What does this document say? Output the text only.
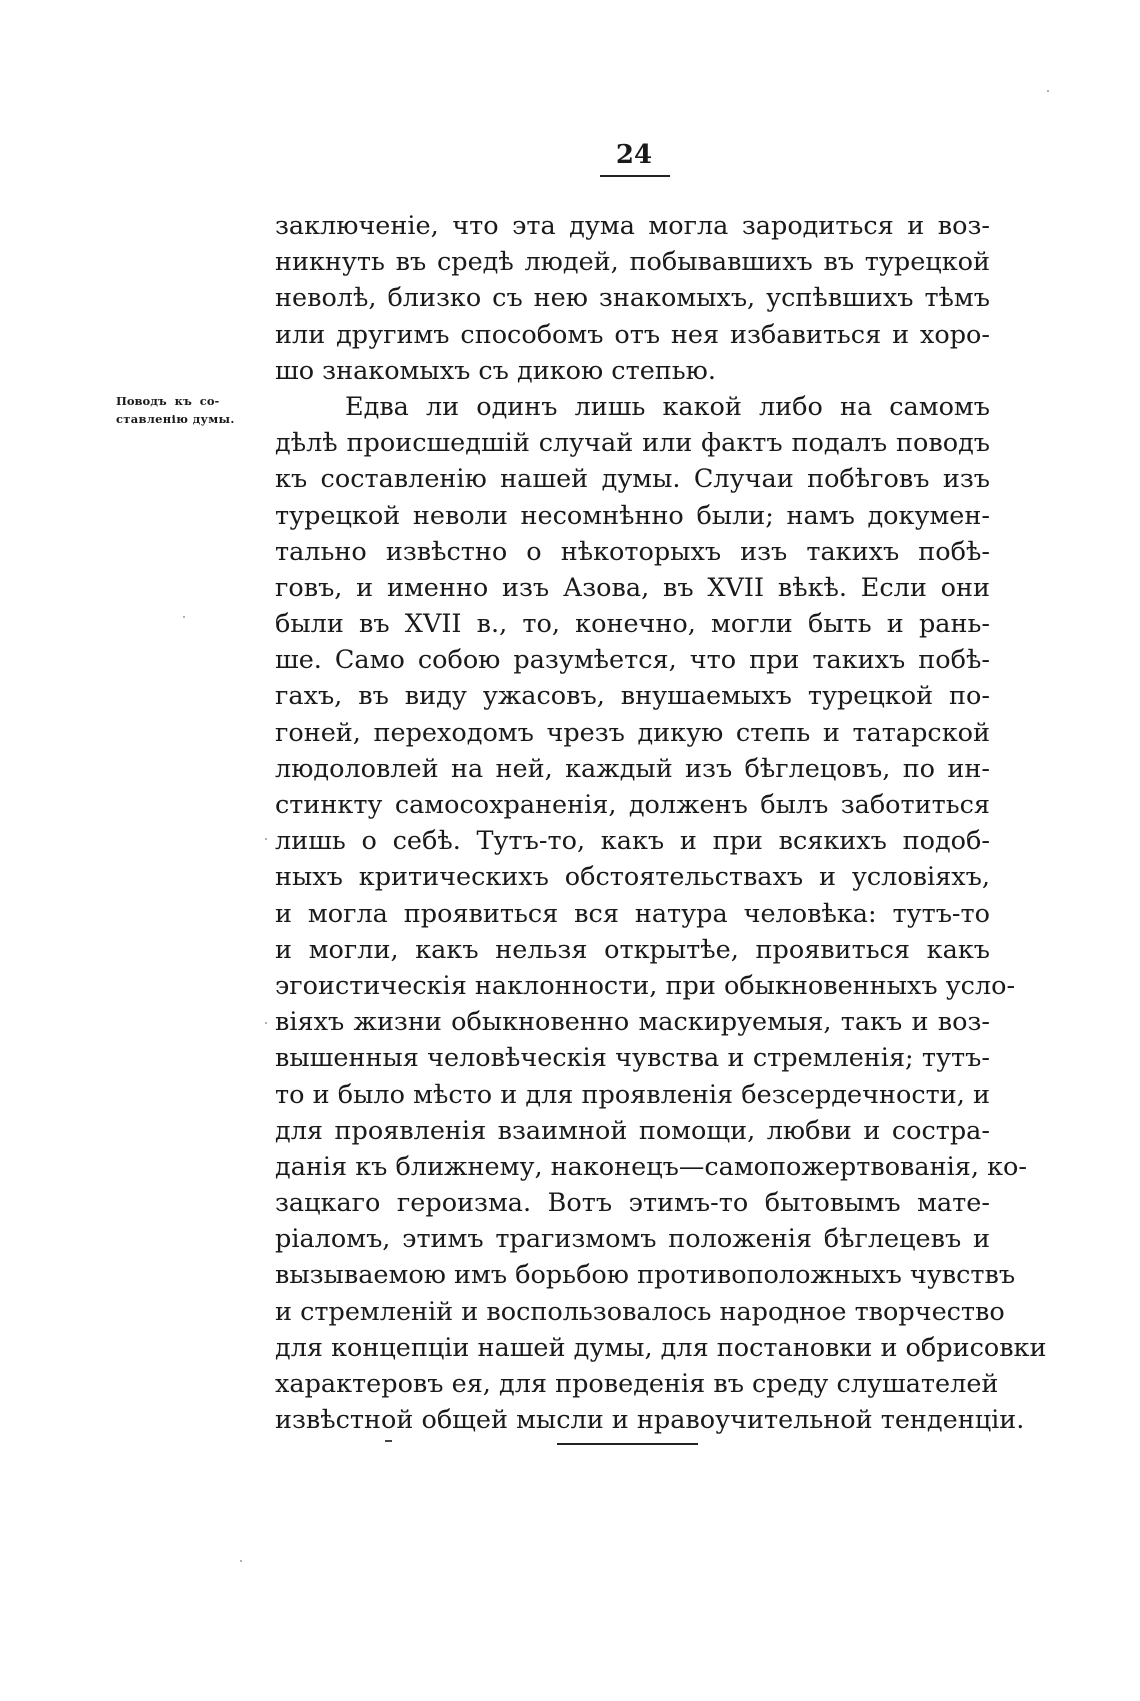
24
Поводъ къ со-
ставленію думы.
заключеніе, что эта дума могла зародиться и воз-
никнуть въ средѣ людей, побывавшихъ въ турецкой
неволѣ, близко съ нею знакомыхъ, успѣвшихъ тѣмъ
или другимъ способомъ отъ нея избавиться и хоро-
шо знакомыхъ съ дикою степью.
Едва ли одинъ лишь какой либо на самомъ
дѣлѣ происшедшій случай или фактъ подалъ поводъ
къ составленію нашей думы. Случаи побѣговъ изъ
турецкой неволи несомнѣнно были; намъ докумен-
тально извѣстно о нѣкоторыхъ изъ такихъ побѣ-
говъ, и именно изъ Азова, въ XVII вѣкѣ. Если они
были въ XVII в., то, конечно, могли быть и рань-
ше. Само собою разумѣется, что при такихъ побѣ-
гахъ, въ виду ужасовъ, внушаемыхъ турецкой по-
гоней, переходомъ чрезъ дикую степь и татарской
людоловлей на ней, каждый изъ бѣглецовъ, по ин-
стинкту самосохраненія, долженъ былъ заботиться
лишь о себѣ. Тутъ-то, какъ и при всякихъ подоб-
ныхъ критическихъ обстоятельствахъ и условіяхъ,
и могла проявиться вся натура человѣка: тутъ-то
и могли, какъ нельзя открытѣе, проявиться какъ
эгоистическія наклонности, при обыкновенныхъ усло-
віяхъ жизни обыкновенно маскируемыя, такъ и воз-
вышенныя человѣческія чувства и стремленія; тутъ-
то и было мѣсто и для проявленія безсердечности, и
для проявленія взаимной помощи, любви и состра-
данія къ ближнему, наконецъ—самопожертвованія, ко-
зацкаго героизма. Вотъ этимъ-то бытовымъ мате-
ріаломъ, этимъ трагизмомъ положенія бѣглецевъ и
вызываемою имъ борьбою противоположныхъ чувствъ
и стремленій и воспользовалось народное творчество
для концепціи нашей думы, для постановки и обрисовки
характеровъ ея, для проведенія въ среду слушателей
извѣстной общей мысли и нравоучительной тенденціи.
